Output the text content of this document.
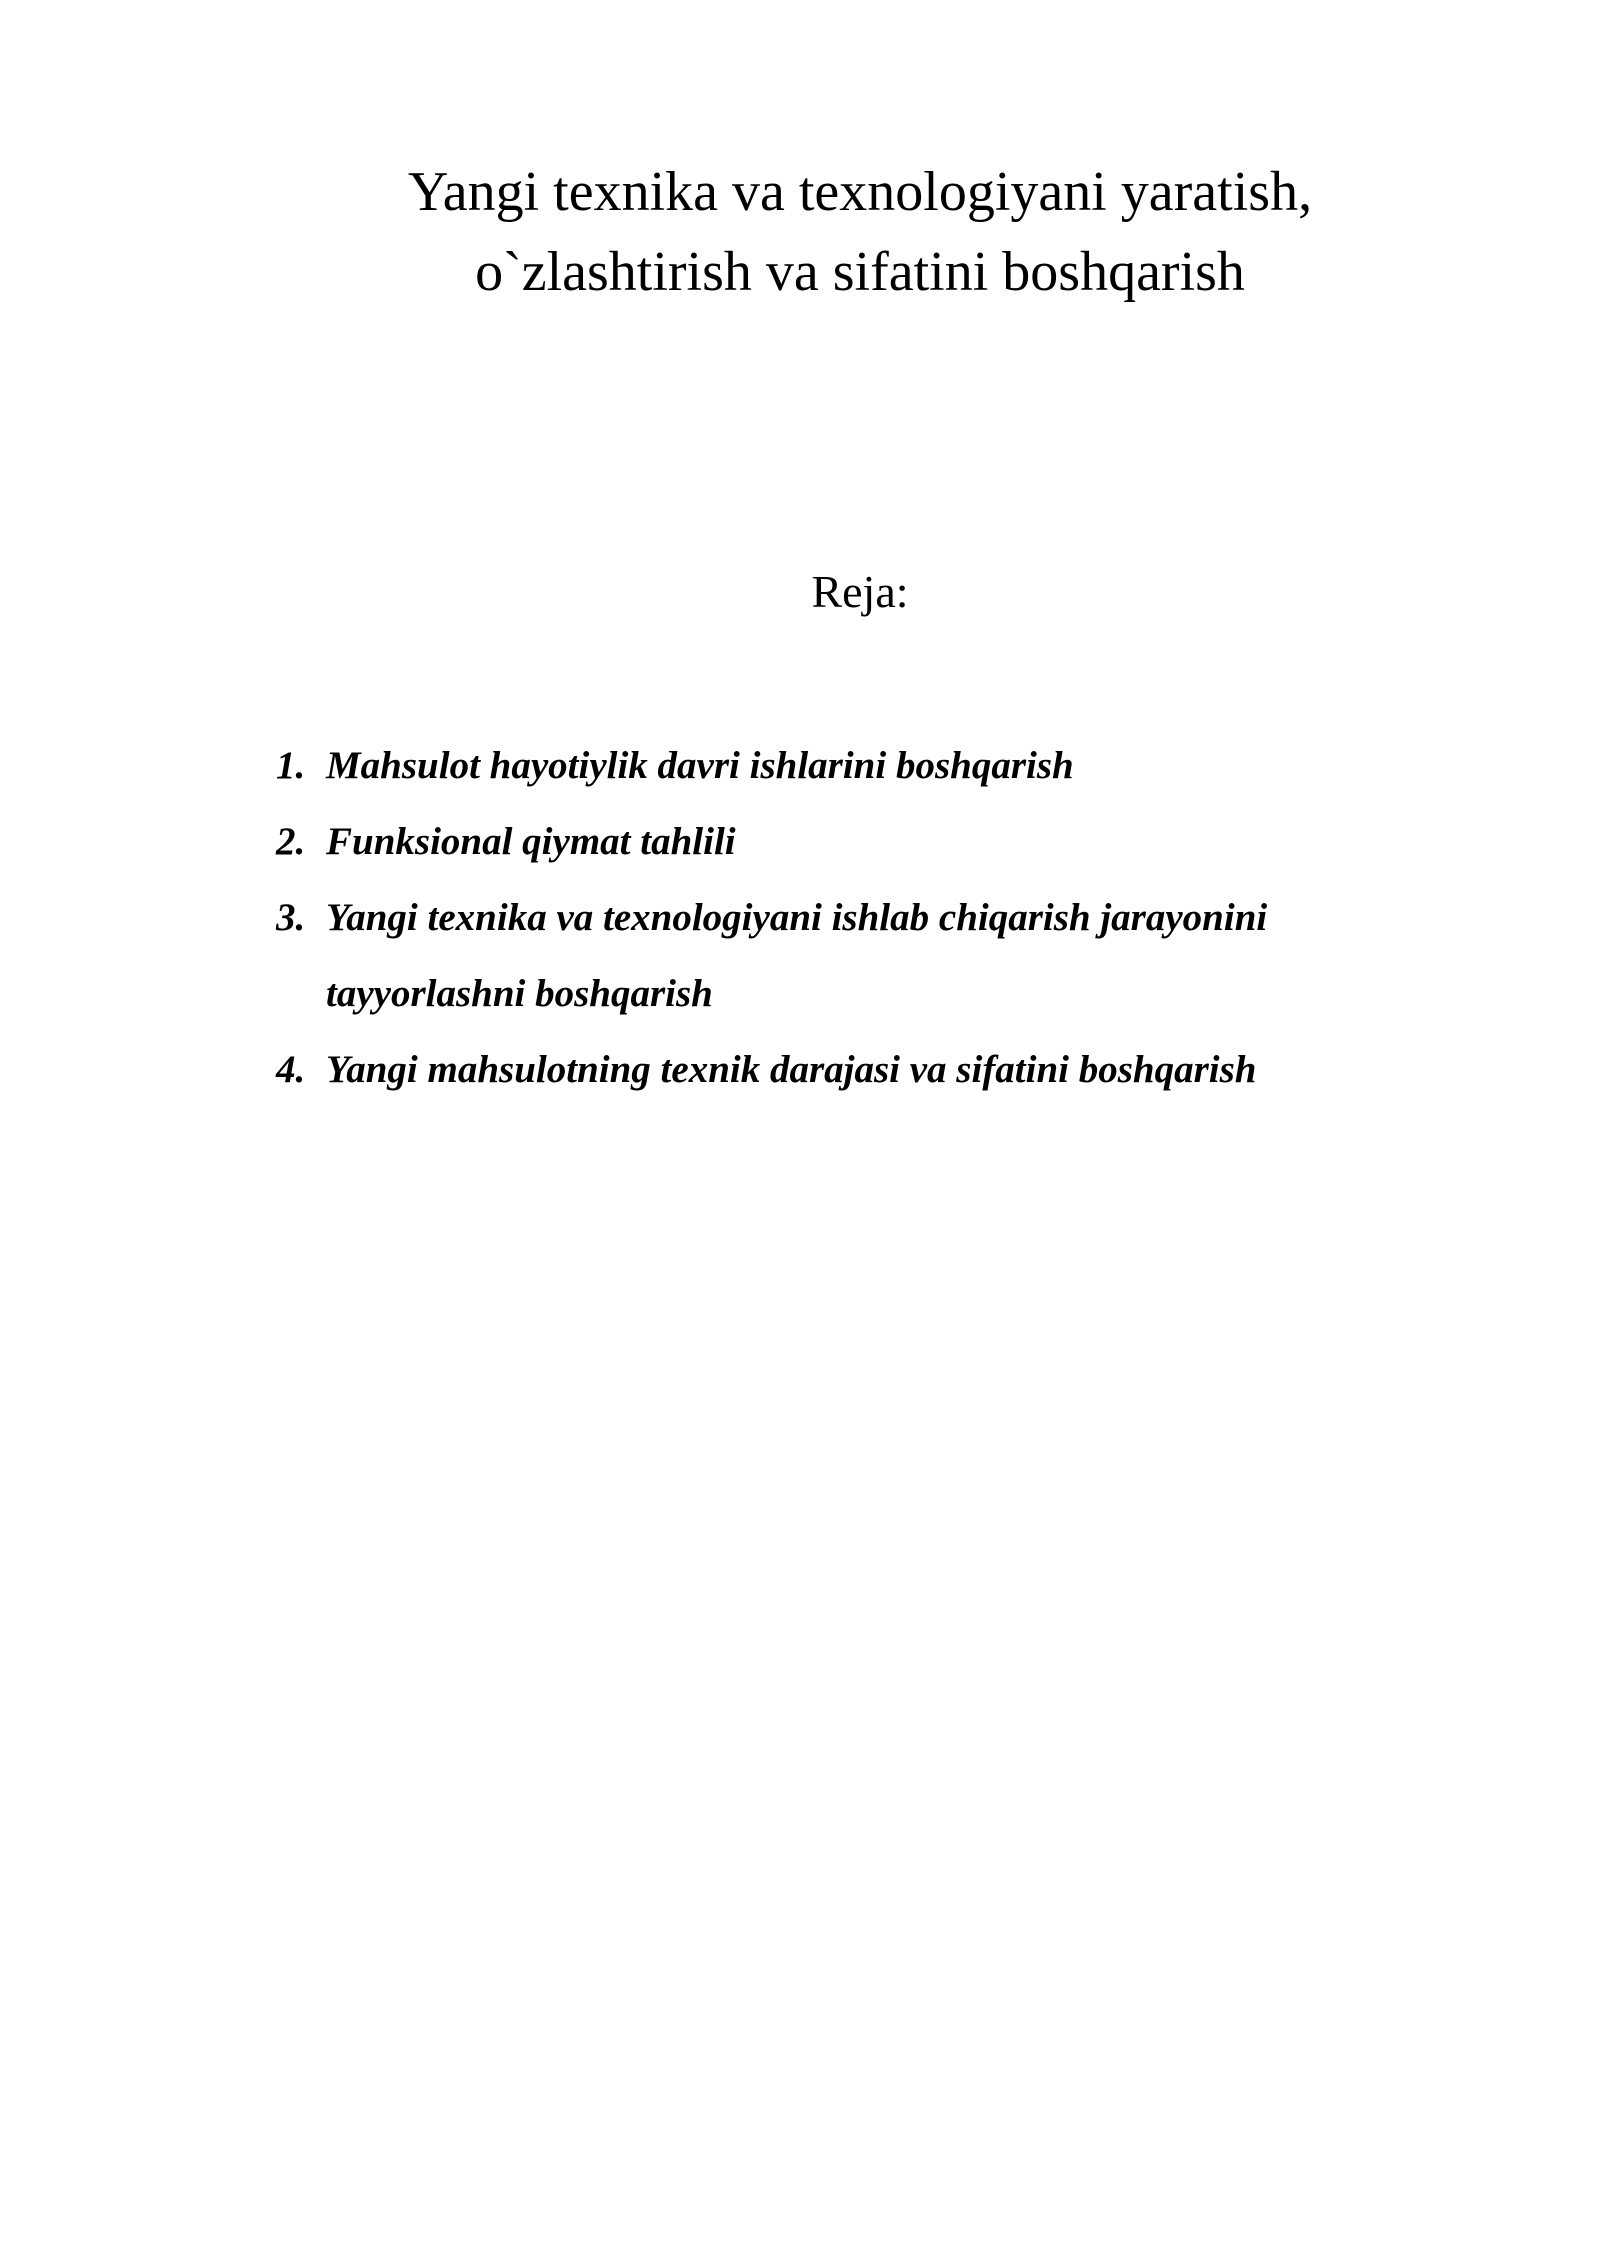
Yangi texnika va texnologiyani yaratish,
o`zlashtirish va sifatini boshqarish
Reja:
1. Mahsulot hayotiylik davri ishlarini boshqarish
2. Funksional qiymat tahlili
3. Yangi texnika va texnologiyani ishlab chiqarish jarayonini tayyorlashni boshqarish
4. Yangi mahsulotning texnik darajasi va sifatini boshqarish
